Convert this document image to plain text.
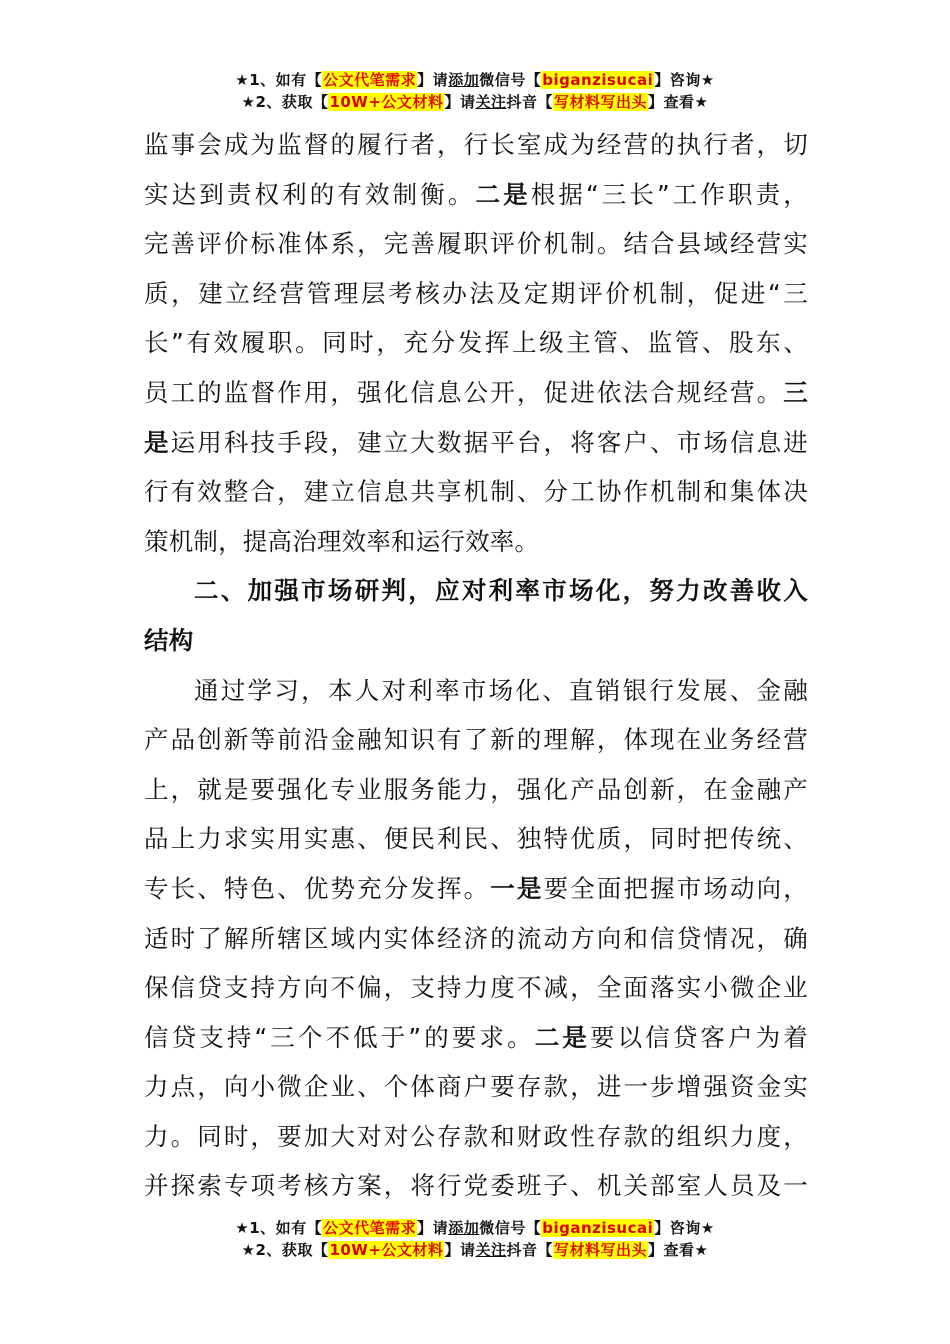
★1、如有【公文代笔需求】请添加微信号【biganzisucai】咨询★
★2、获取【10W+公文材料】请关注抖音【写材料写出头】查看★
监事会成为监督的履行者，行长室成为经营的执行者，切
实达到责权利的有效制衡。二是根据“三长”工作职责，
完善评价标准体系，完善履职评价机制。结合县域经营实
质，建立经营管理层考核办法及定期评价机制，促进“三
长”有效履职。同时，充分发挥上级主管、监管、股东、
员工的监督作用，强化信息公开，促进依法合规经营。三
是运用科技手段，建立大数据平台，将客户、市场信息进
行有效整合，建立信息共享机制、分工协作机制和集体决
策机制，提高治理效率和运行效率。
二、加强市场研判，应对利率市场化，努力改善收入
结构
通过学习，本人对利率市场化、直销银行发展、金融
产品创新等前沿金融知识有了新的理解，体现在业务经营
上，就是要强化专业服务能力，强化产品创新，在金融产
品上力求实用实惠、便民利民、独特优质，同时把传统、
专长、特色、优势充分发挥。一是要全面把握市场动向，
适时了解所辖区域内实体经济的流动方向和信贷情况，确
保信贷支持方向不偏，支持力度不减，全面落实小微企业
信贷支持“三个不低于”的要求。二是要以信贷客户为着
力点，向小微企业、个体商户要存款，进一步增强资金实
力。同时，要加大对对公存款和财政性存款的组织力度，
并探索专项考核方案，将行党委班子、机关部室人员及一
★1、如有【公文代笔需求】请添加微信号【biganzisucai】咨询★
★2、获取【10W+公文材料】请关注抖音【写材料写出头】查看★
